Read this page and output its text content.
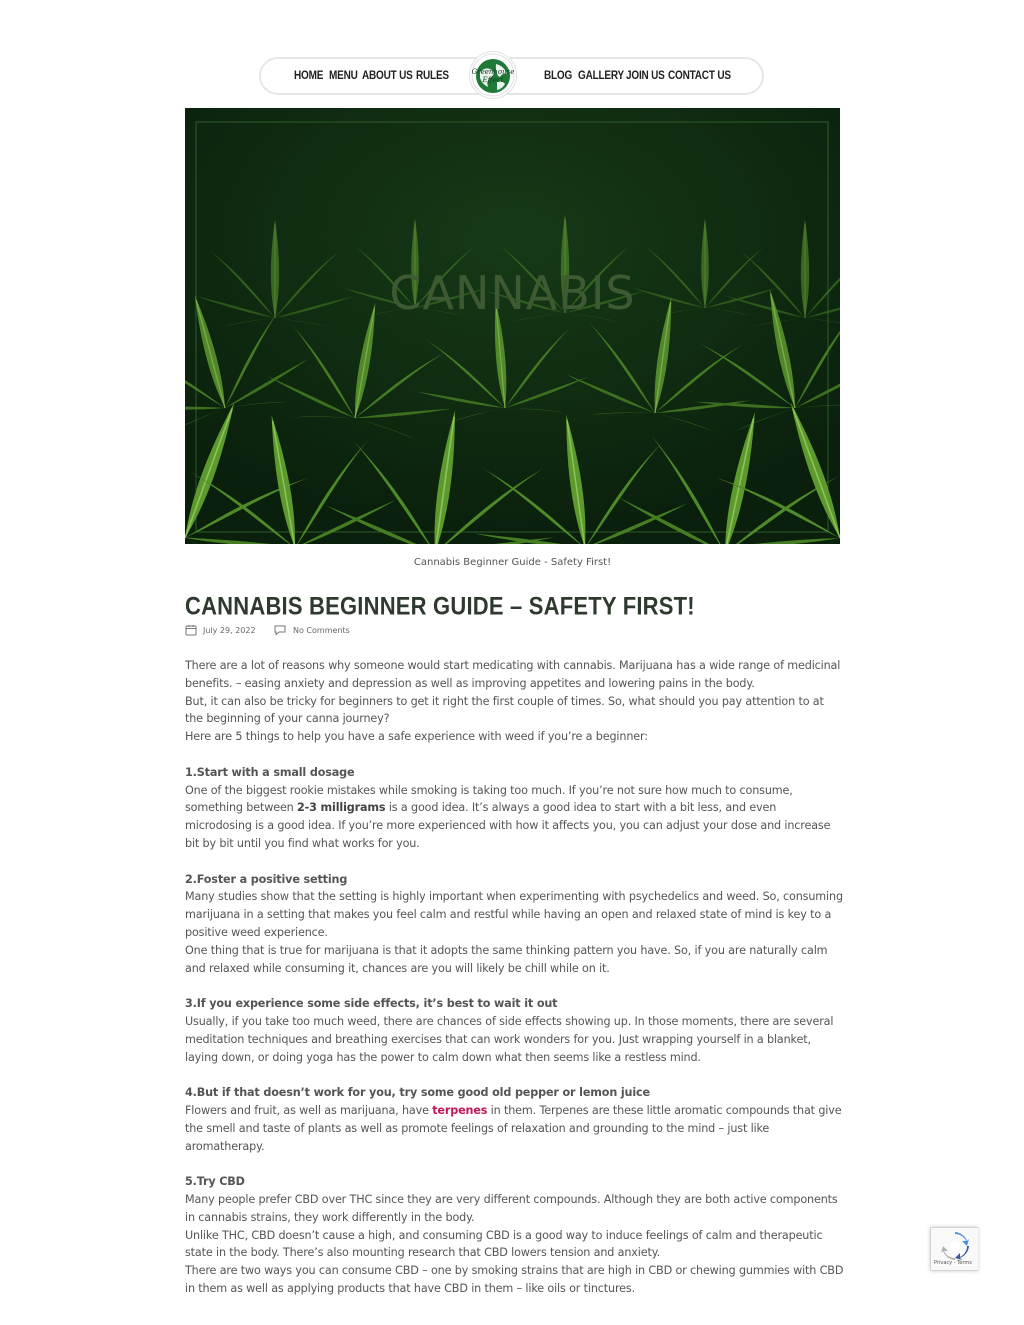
HOME MENU ABOUT US RULES	BLOG GALLERY JOIN US CONTACT US
Greenhouse Effect
CANNABIS
Cannabis Beginner Guide - Safety First!
CANNABIS BEGINNER GUIDE – SAFETY FIRST!
July 29, 2022	No Comments

There are a lot of reasons why someone would start medicating with cannabis. Marijuana has a wide range of medicinal benefits. – easing anxiety and depression as well as improving appetites and lowering pains in the body.

But, it can also be tricky for beginners to get it right the first couple of times. So, what should you pay attention to at the beginning of your canna journey?

Here are 5 things to help you have a safe experience with weed if you’re a beginner:

1.Start with a small dosage

One of the biggest rookie mistakes while smoking is taking too much. If you’re not sure how much to consume, something between 2-3 milligrams is a good idea. It’s always a good idea to start with a bit less, and even microdosing is a good idea. If you’re more experienced with how it affects you, you can adjust your dose and increase bit by bit until you find what works for you.

2.Foster a positive setting

Many studies show that the setting is highly important when experimenting with psychedelics and weed. So, consuming marijuana in a setting that makes you feel calm and restful while having an open and relaxed state of mind is key to a positive weed experience.

One thing that is true for marijuana is that it adopts the same thinking pattern you have. So, if you are naturally calm and relaxed while consuming it, chances are you will likely be chill while on it.

3.If you experience some side effects, it’s best to wait it out

Usually, if you take too much weed, there are chances of side effects showing up. In those moments, there are several meditation techniques and breathing exercises that can work wonders for you. Just wrapping yourself in a blanket, laying down, or doing yoga has the power to calm down what then seems like a restless mind.

4.But if that doesn’t work for you, try some good old pepper or lemon juice

Flowers and fruit, as well as marijuana, have terpenes in them. Terpenes are these little aromatic compounds that give the smell and taste of plants as well as promote feelings of relaxation and grounding to the mind – just like aromatherapy.

5.Try CBD

Many people prefer CBD over THC since they are very different compounds. Although they are both active components in cannabis strains, they work differently in the body.

Unlike THC, CBD doesn’t cause a high, and consuming CBD is a good way to induce feelings of calm and therapeutic state in the body. There’s also mounting research that CBD lowers tension and anxiety.

There are two ways you can consume CBD – one by smoking strains that are high in CBD or chewing gummies with CBD in them as well as applying products that have CBD in them – like oils or tinctures.

Privacy - Terms
